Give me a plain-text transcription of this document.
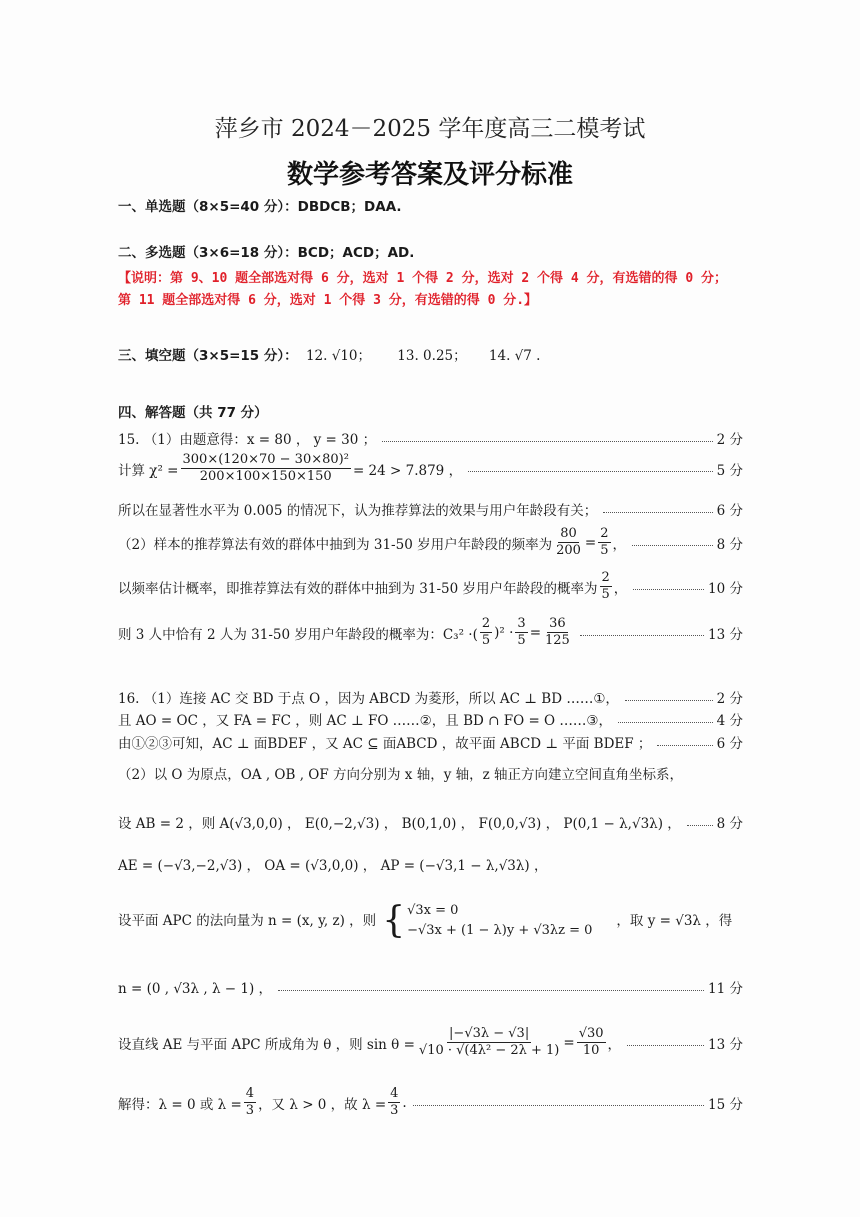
萍乡市 2024－2025 学年度高三二模考试
数学参考答案及评分标准
一、单选题（8×5=40 分）：DBDCB；DAA.
二、多选题（3×6=18 分）：BCD；ACD；AD.
【说明：第 9、10 题全部选对得 6 分，选对 1 个得 2 分，选对 2 个得 4 分，有选错的得 0 分；
第 11 题全部选对得 6 分，选对 1 个得 3 分，有选错的得 0 分.】
三、填空题（3×5=15 分）： 12. √10； 13. 0.25； 14. √7 .
四、解答题（共 77 分）
15. （1）由题意得：x = 80 ， y = 30 ；	2 分
计算 $\chi^2 = \frac{\text{300×(120×70 − 30×80)²}}{200\times 100\times 150\times 150} = 24 > 7.879$ ，	5 分
所以在显著性水平为 0.005 的情况下，认为推荐算法的效果与用户年龄段有关；	6 分
（2）样本的推荐算法有效的群体中抽到为 31-50 岁用户年龄段的频率为 $\frac{80}{200} = \frac{2}{5}$ ，	8 分
以频率估计概率，即推荐算法有效的群体中抽到为 31-50 岁用户年龄段的概率为 $\frac{2}{5}$ ，	10 分
则 3 人中恰有 2 人为 31-50 岁用户年龄段的概率为：C₃² ·( $\frac{2}{5} )^2 \cdot \frac{3}{5} = \frac{36}{125}$	13 分
16. （1）连接 AC 交 BD 于点 O ，因为 ABCD 为菱形，所以 AC ⊥ BD ……①，	2 分
且 AO = OC ，又 FA = FC ，则 AC ⊥ FO ……②，且 BD ∩ FO = O ……③，	4 分
由①②③可知，AC ⊥ 面BDEF ，又 AC ⊆ 面ABCD ，故平面 ABCD ⊥ 平面 BDEF ；	6 分
（2）以 O 为原点，OA , OB , OF 方向分别为 x 轴，y 轴，z 轴正方向建立空间直角坐标系，
设 AB = 2 ，则 A(√3,0,0) ， E(0,−2,√3) ， B(0,1,0) ， F(0,0,√3) ， P(0,1 − λ,√3λ) ，	8 分
AE = (−√3,−2,√3) ， OA = (√3,0,0) ， AP = (−√3,1 − λ,√3λ) ，
设平面 APC 的法向量为 n = (x, y, z) ，则 { √3x = 0
−√3x + (1 − λ)y + √3λz = 0
，取 y = √3λ ，得
n = (0 , √3λ , λ − 1) ，	11 分
设直线 AE 与平面 APC 所成角为 θ ，则 $\sin \theta = \frac{|-√3\lambda - √3|}{\text{√10 · √(4λ² − 2λ + 1)}} = \frac{√30}{10}$ ，	13 分
解得：λ = 0 或 $\lambda = \frac{4}{3}$ ，又 λ > 0 ，故 $\lambda = \frac{4}{3}$ .	15 分
